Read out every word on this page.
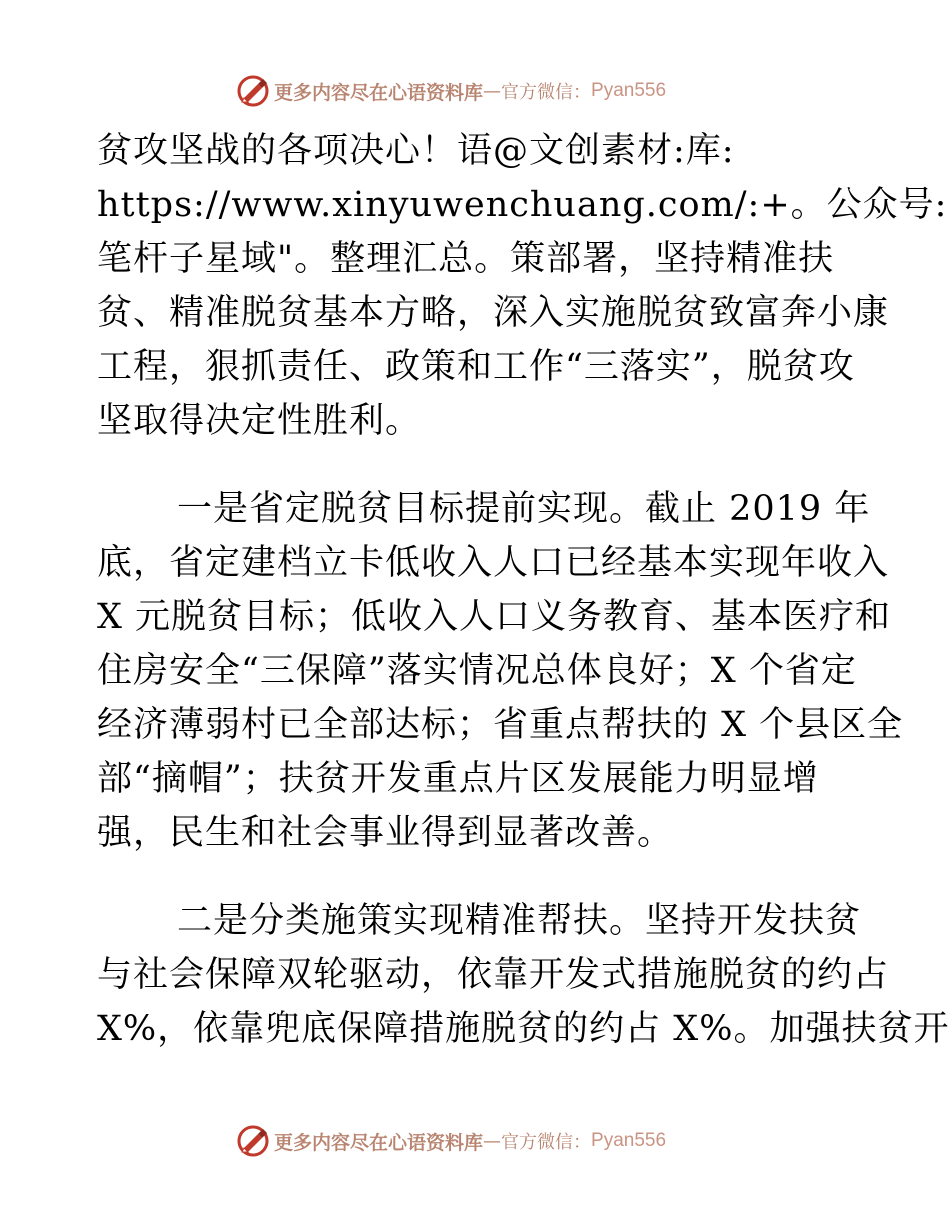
更多内容尽在心语资料库 — 官方微信： Pyan556

贫攻坚战的各项决心！语@文创素材:库:
https://www.xinyuwenchuang.com/:+。公众号:
笔杆子星域"。整理汇总。策部署，坚持精准扶
贫、精准脱贫基本方略，深入实施脱贫致富奔小康
工程，狠抓责任、政策和工作“三落实”，脱贫攻
坚取得决定性胜利。

一是省定脱贫目标提前实现。截止 2019 年
底，省定建档立卡低收入人口已经基本实现年收入
X 元脱贫目标；低收入人口义务教育、基本医疗和
住房安全“三保障”落实情况总体良好；X 个省定
经济薄弱村已全部达标；省重点帮扶的 X 个县区全
部“摘帽”；扶贫开发重点片区发展能力明显增
强，民生和社会事业得到显著改善。

二是分类施策实现精准帮扶。坚持开发扶贫
与社会保障双轮驱动，依靠开发式措施脱贫的约占
X%，依靠兜底保障措施脱贫的约占 X%。加强扶贫开

更多内容尽在心语资料库 — 官方微信： Pyan556
